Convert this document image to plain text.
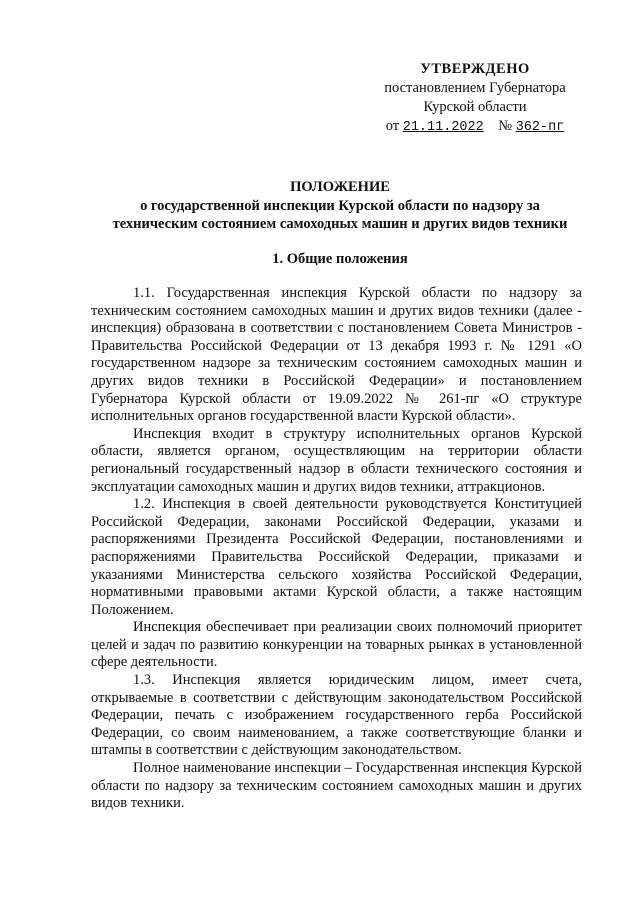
УТВЕРЖДЕНО
постановлением Губернатора
Курской области
от 21.11.2022 № 362-пг
ПОЛОЖЕНИЕ
о государственной инспекции Курской области по надзору за
техническим состоянием самоходных машин и других видов техники
1. Общие положения

1.1. Государственная инспекция Курской области по надзору за техническим состоянием самоходных машин и других видов техники (далее - инспекция) образована в соответствии с постановлением Совета Министров - Правительства Российской Федерации от 13 декабря 1993 г. № 1291 «О государственном надзоре за техническим состоянием самоходных машин и других видов техники в Российской Федерации» и постановлением Губернатора Курской области от 19.09.2022 № 261-пг «О структуре исполнительных органов государственной власти Курской области».

Инспекция входит в структуру исполнительных органов Курской области, является органом, осуществляющим на территории области региональный государственный надзор в области технического состояния и эксплуатации самоходных машин и других видов техники, аттракционов.

1.2. Инспекция в своей деятельности руководствуется Конституцией Российской Федерации, законами Российской Федерации, указами и распоряжениями Президента Российской Федерации, постановлениями и распоряжениями Правительства Российской Федерации, приказами и указаниями Министерства сельского хозяйства Российской Федерации, нормативными правовыми актами Курской области, а также настоящим Положением.

Инспекция обеспечивает при реализации своих полномочий приоритет целей и задач по развитию конкуренции на товарных рынках в установленной сфере деятельности.

1.3. Инспекция является юридическим лицом, имеет счета, открываемые в соответствии с действующим законодательством Российской Федерации, печать с изображением государственного герба Российской Федерации, со своим наименованием, а также соответствующие бланки и штампы в соответствии с действующим законодательством.

Полное наименование инспекции – Государственная инспекция Курской области по надзору за техническим состоянием самоходных машин и других видов техники.
